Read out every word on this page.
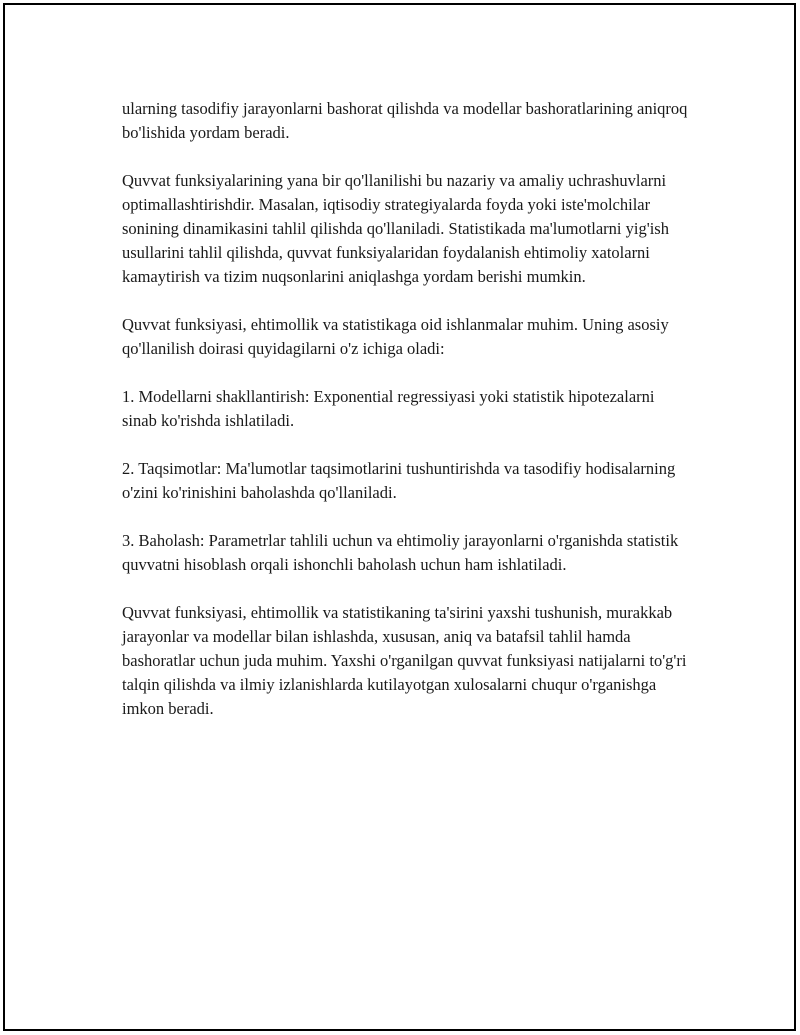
ularning tasodifiy jarayonlarni bashorat qilishda va modellar bashoratlarining aniqroq bo'lishida yordam beradi.

Quvvat funksiyalarining yana bir qo'llanilishi bu nazariy va amaliy uchrashuvlarni optimallashtirishdir. Masalan, iqtisodiy strategiyalarda foyda yoki iste'molchilar sonining dinamikasini tahlil qilishda qo'llaniladi. Statistikada ma'lumotlarni yig'ish usullarini tahlil qilishda, quvvat funksiyalaridan foydalanish ehtimoliy xatolarni kamaytirish va tizim nuqsonlarini aniqlashga yordam berishi mumkin.

Quvvat funksiyasi, ehtimollik va statistikaga oid ishlanmalar muhim. Uning asosiy qo'llanilish doirasi quyidagilarni o'z ichiga oladi:

1. Modellarni shakllantirish: Exponential regressiyasi yoki statistik hipotezalarni sinab ko'rishda ishlatiladi.

2. Taqsimotlar: Ma'lumotlar taqsimotlarini tushuntirishda va tasodifiy hodisalarning o'zini ko'rinishini baholashda qo'llaniladi.

3. Baholash: Parametrlar tahlili uchun va ehtimoliy jarayonlarni o'rganishda statistik quvvatni hisoblash orqali ishonchli baholash uchun ham ishlatiladi.

Quvvat funksiyasi, ehtimollik va statistikaning ta'sirini yaxshi tushunish, murakkab jarayonlar va modellar bilan ishlashda, xususan, aniq va batafsil tahlil hamda bashoratlar uchun juda muhim. Yaxshi o'rganilgan quvvat funksiyasi natijalarni to'g'ri talqin qilishda va ilmiy izlanishlarda kutilayotgan xulosalarni chuqur o'rganishga imkon beradi.
